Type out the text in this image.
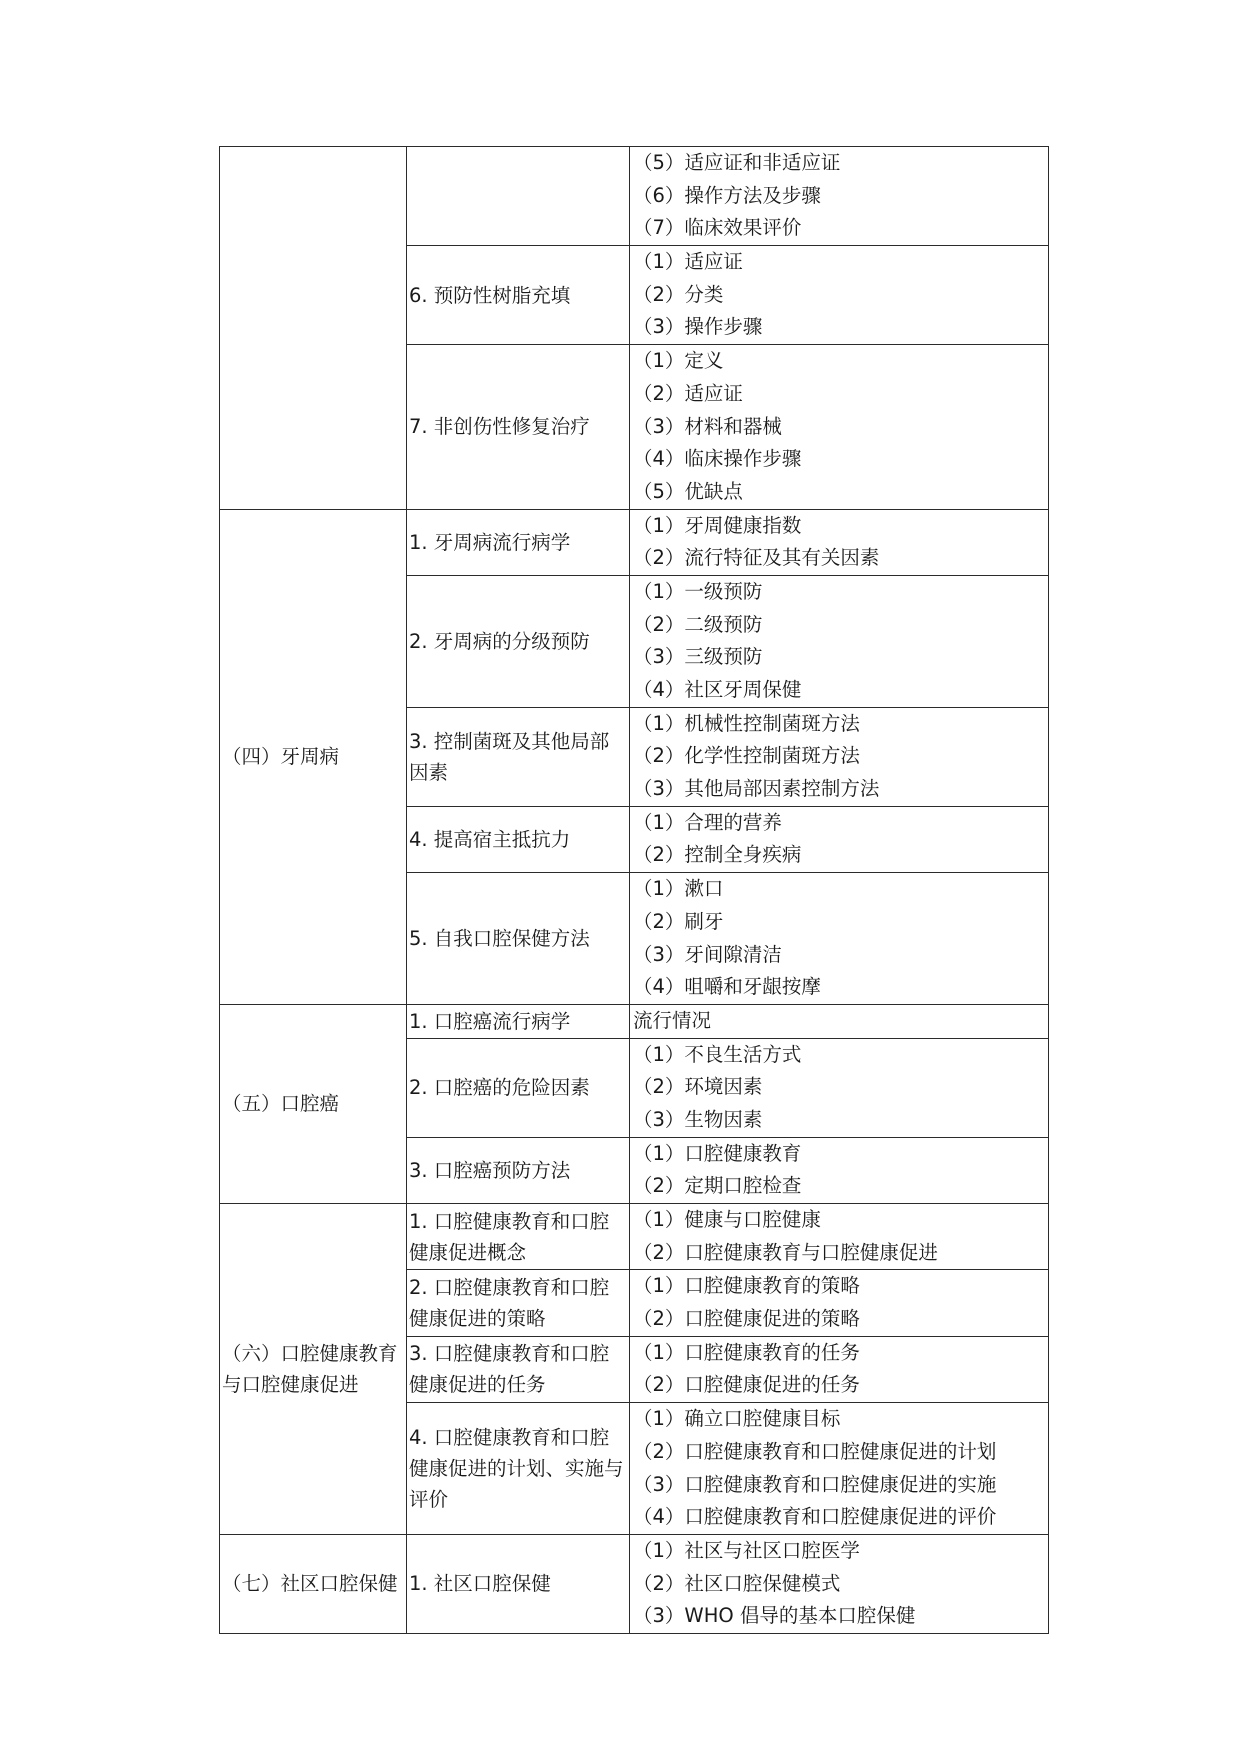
		（5）适应证和非适应证
（6）操作方法及步骤
（7）临床效果评价

	6. 预防性树脂充填	（1）适应证
（2）分类
（3）操作步骤

	7. 非创伤性修复治疗	（1）定义
（2）适应证
（3）材料和器械
（4）临床操作步骤
（5）优缺点

（四）牙周病	1. 牙周病流行病学	（1）牙周健康指数
（2）流行特征及其有关因素

	2. 牙周病的分级预防	（1）一级预防
（2）二级预防
（3）三级预防
（4）社区牙周保健

	3. 控制菌斑及其他局部因素	（1）机械性控制菌斑方法
（2）化学性控制菌斑方法
（3）其他局部因素控制方法

	4. 提高宿主抵抗力	（1）合理的营养
（2）控制全身疾病

	5. 自我口腔保健方法	（1）漱口
（2）刷牙
（3）牙间隙清洁
（4）咀嚼和牙龈按摩

（五）口腔癌	1. 口腔癌流行病学	流行情况

	2. 口腔癌的危险因素	（1）不良生活方式
（2）环境因素
（3）生物因素

	3. 口腔癌预防方法	（1）口腔健康教育
（2）定期口腔检查

（六）口腔健康教育与口腔健康促进	1. 口腔健康教育和口腔健康促进概念	（1）健康与口腔健康
（2）口腔健康教育与口腔健康促进

	2. 口腔健康教育和口腔健康促进的策略	（1）口腔健康教育的策略
（2）口腔健康促进的策略

	3. 口腔健康教育和口腔健康促进的任务	（1）口腔健康教育的任务
（2）口腔健康促进的任务

	4. 口腔健康教育和口腔健康促进的计划、实施与评价	（1）确立口腔健康目标
（2）口腔健康教育和口腔健康促进的计划
（3）口腔健康教育和口腔健康促进的实施
（4）口腔健康教育和口腔健康促进的评价

（七）社区口腔保健	1. 社区口腔保健	（1）社区与社区口腔医学
（2）社区口腔保健模式
（3）WHO 倡导的基本口腔保健
